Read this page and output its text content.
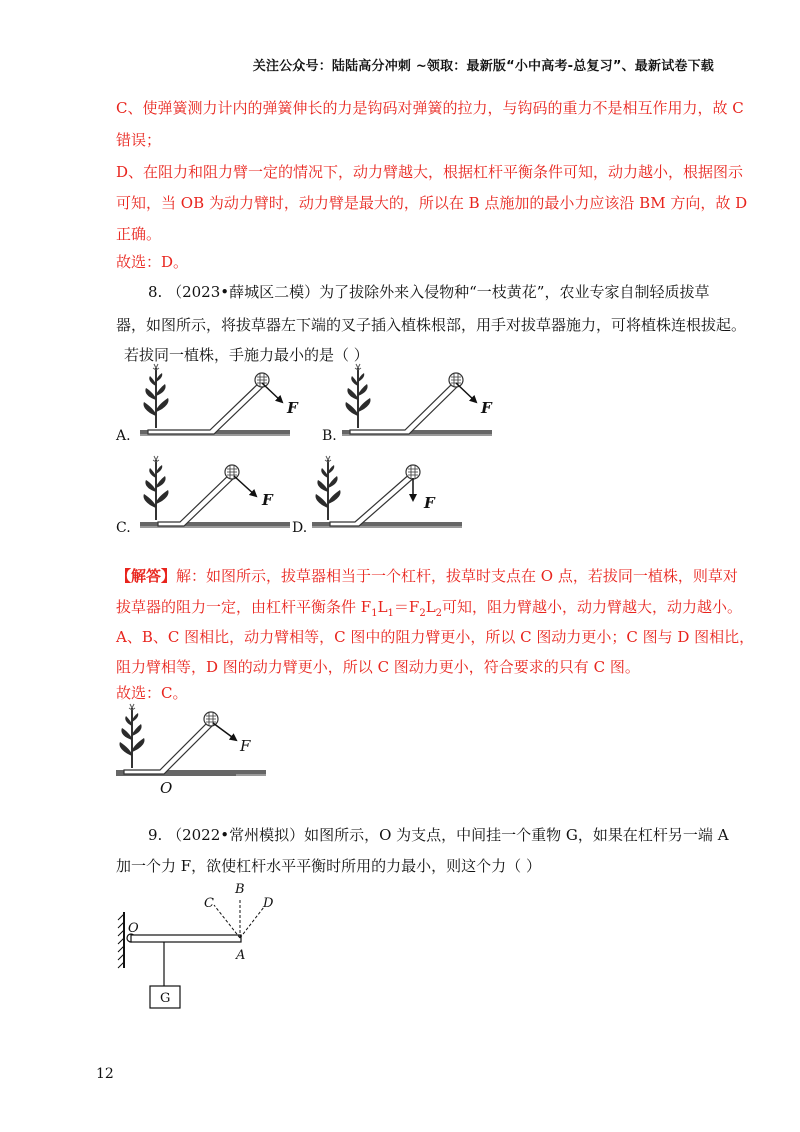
关注公众号：陆陆高分冲刺 ~领取：最新版“小中高考-总复习”、最新试卷下载
C、使弹簧测力计内的弹簧伸长的力是钩码对弹簧的拉力，与钩码的重力不是相互作用力，故 C
错误；
D、在阻力和阻力臂一定的情况下，动力臂越大，根据杠杆平衡条件可知，动力越小，根据图示
可知，当 OB 为动力臂时，动力臂是最大的，所以在 B 点施加的最小力应该沿 BM 方向，故 D
正确。
故选：D。
8. （2023•薛城区二模）为了拔除外来入侵物种“一枝黄花”，农业专家自制轻质拔草
器，如图所示，将拔草器左下端的叉子插入植株根部，用手对拔草器施力，可将植株连根拔起。
若拔同一植株，手施力最小的是（ ）
A.	B.
C.	D.
F	F
F	F
F
O
G
O
A
B
C	D
【解答】解：如图所示，拔草器相当于一个杠杆，拔草时支点在 O 点，若拔同一植株，则草对
拔草器的阻力一定，由杠杆平衡条件 $F_1L_1=F_2L_2$可知，阻力臂越小，动力臂越大，动力越小。
A、B、C 图相比，动力臂相等，C 图中的阻力臂更小，所以 C 图动力更小；C 图与 D 图相比，
阻力臂相等，D 图的动力臂更小，所以 C 图动力更小，符合要求的只有 C 图。
故选：C。
9. （2022•常州模拟）如图所示，O 为支点，中间挂一个重物 G，如果在杠杆另一端 A
加一个力 F，欲使杠杆水平平衡时所用的力最小，则这个力（ ）
12
